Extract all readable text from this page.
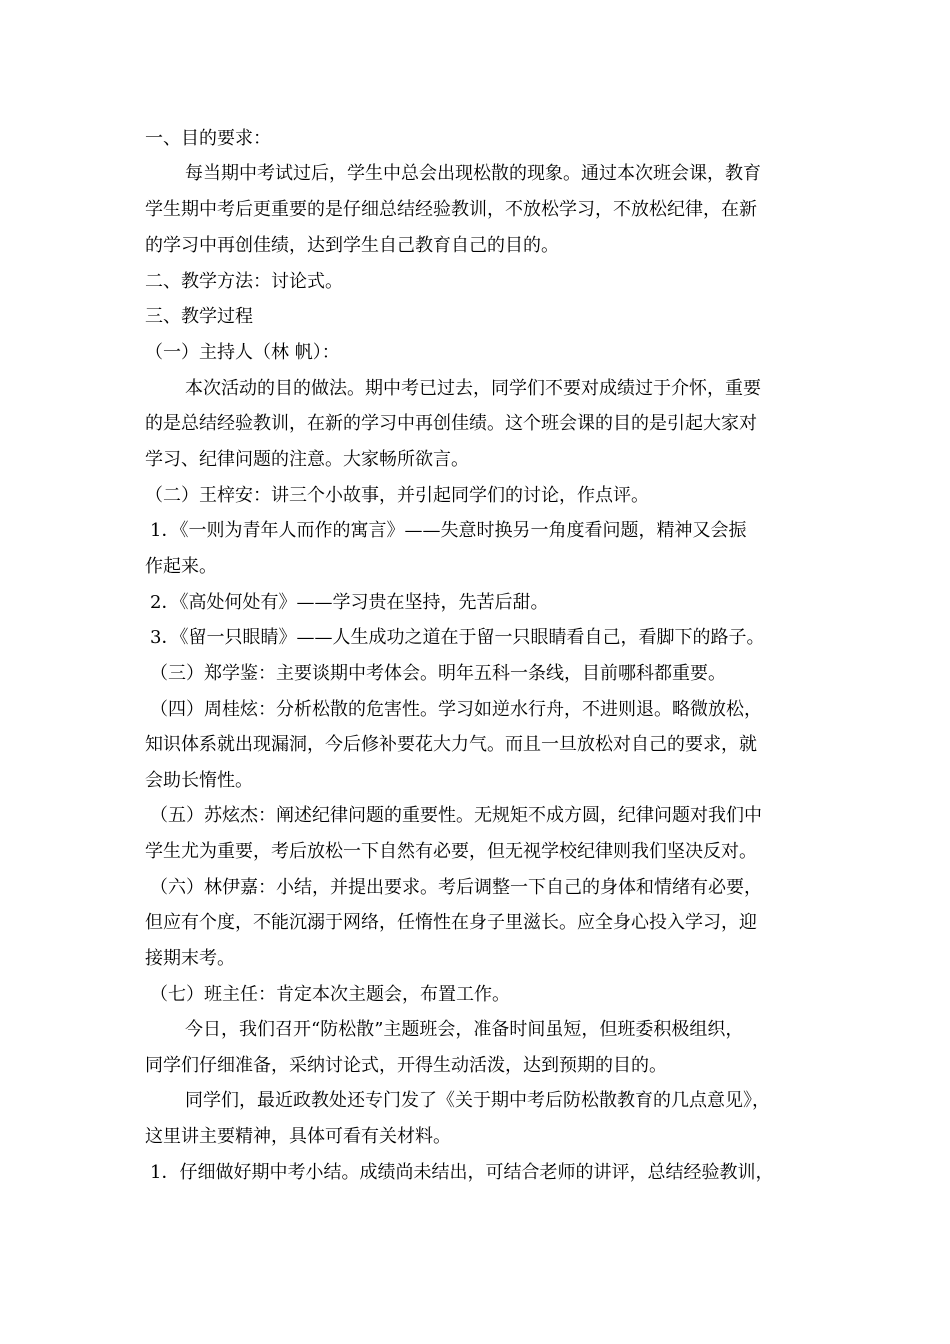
一、目的要求：

每当期中考试过后，学生中总会出现松散的现象。通过本次班会课，教育

学生期中考后更重要的是仔细总结经验教训，不放松学习，不放松纪律，在新

的学习中再创佳绩，达到学生自己教育自己的目的。

二、教学方法：讨论式。

三、教学过程

（一）主持人（林 帆）：

本次活动的目的做法。期中考已过去，同学们不要对成绩过于介怀，重要

的是总结经验教训，在新的学习中再创佳绩。这个班会课的目的是引起大家对

学习、纪律问题的注意。大家畅所欲言。

（二）王梓安：讲三个小故事，并引起同学们的讨论，作点评。

1．《一则为青年人而作的寓言》——失意时换另一角度看问题，精神又会振

作起来。

2．《高处何处有》——学习贵在坚持，先苦后甜。

3．《留一只眼睛》——人生成功之道在于留一只眼睛看自己，看脚下的路子。

（三）郑学鉴：主要谈期中考体会。明年五科一条线，目前哪科都重要。

（四）周桂炫：分析松散的危害性。学习如逆水行舟，不进则退。略微放松，

知识体系就出现漏洞，今后修补要花大力气。而且一旦放松对自己的要求，就

会助长惰性。

（五）苏炫杰：阐述纪律问题的重要性。无规矩不成方圆，纪律问题对我们中

学生尤为重要，考后放松一下自然有必要，但无视学校纪律则我们坚决反对。

（六）林伊嘉：小结，并提出要求。考后调整一下自己的身体和情绪有必要，

但应有个度，不能沉溺于网络，任惰性在身子里滋长。应全身心投入学习，迎

接期末考。

（七）班主任：肯定本次主题会，布置工作。

今日，我们召开“防松散”主题班会，准备时间虽短，但班委积极组织，

同学们仔细准备，采纳讨论式，开得生动活泼，达到预期的目的。

同学们，最近政教处还专门发了《关于期中考后防松散教育的几点意见》，

这里讲主要精神，具体可看有关材料。

1．仔细做好期中考小结。成绩尚未结出，可结合老师的讲评，总结经验教训，
